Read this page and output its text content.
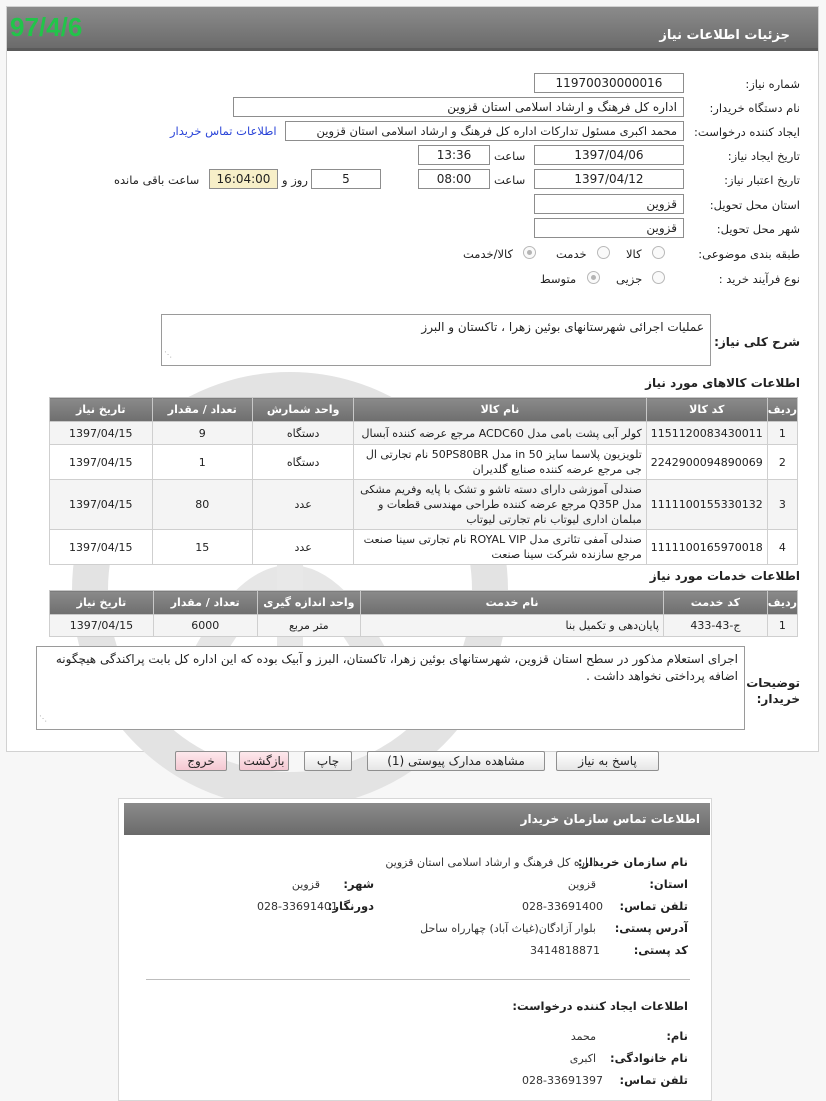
جزئیات اطلاعات نیاز
97/4/6
شماره نیاز:
11970030000016
نام دستگاه خریدار:
اداره کل فرهنگ و ارشاد اسلامی استان قزوین
ایجاد کننده درخواست:
محمد اکبری مسئول تدارکات اداره کل فرهنگ و ارشاد اسلامی استان قزوین
اطلاعات تماس خریدار
تاریخ ایجاد نیاز:
1397/04/06
ساعت
13:36
تاریخ اعتبار نیاز:
1397/04/12
ساعت
08:00
5
روز و
16:04:00
ساعت باقی مانده
استان محل تحویل:
قزوین
شهر محل تحویل:
قزوین
طبقه بندی موضوعی:
کالا
خدمت
کالا/خدمت
نوع فرآیند خرید :
جزیی
متوسط
شرح کلی نیاز:
عملیات اجرائی شهرستانهای بوئین زهرا ، تاکستان و البرز
⋰
اطلاعات کالاهای مورد نیاز
ردیف	کد کالا	نام کالا	واحد شمارش	تعداد / مقدار	تاریخ نیاز
1	1151120083430011	کولر آبی پشت بامی مدل ACDC60 مرجع عرضه کننده آبسال	دستگاه	9	1397/04/15
2	2242900094890069	تلویزیون پلاسما سایز 50 in مدل 50PS80BR نام تجارتی ال جی مرجع عرضه کننده صنایع گلدیران	دستگاه	1	1397/04/15
3	1111100155330132	صندلی آموزشی دارای دسته تاشو و تشک با پایه وفریم مشکی مدل Q35P مرجع عرضه کننده طراحی مهندسی قطعات و مبلمان اداری لیوتاب نام تجارتی لیوتاب	عدد	80	1397/04/15
4	1111100165970018	صندلی آمفی تئاتری مدل ROYAL VIP نام تجارتی سینا صنعت مرجع سازنده شرکت سینا صنعت	عدد	15	1397/04/15
اطلاعات خدمات مورد نیاز
ردیف	کد خدمت	نام خدمت	واحد اندازه گیری	تعداد / مقدار	تاریخ نیاز
1	ج-43-433	پایان‌دهی و تکمیل بنا	متر مربع	6000	1397/04/15
توضیحات خریدار:
اجرای استعلام مذکور در سطح استان قزوین، شهرستانهای بوئین زهرا، تاکستان، البرز و آبیک بوده که این اداره کل بابت پراکندگی هیچگونه اضافه پرداختی نخواهد داشت .
⋰
پاسخ به نیاز
مشاهده مدارک پیوستی (1)
چاپ
بازگشت
خروج
اطلاعات تماس سازمان خریدار
نام سازمان خریدار:
اداره کل فرهنگ و ارشاد اسلامی استان قزوین
استان:
قزوین
شهر:
قزوین
تلفن تماس:
028-33691400
دورنگار:
028-33691401
آدرس پستی:
بلوار آزادگان(غیاث آباد) چهارراه ساحل
کد پستی:
3414818871
اطلاعات ایجاد کننده درخواست:
نام:
محمد
نام خانوادگی:
اکبری
تلفن تماس:
028-33691397
